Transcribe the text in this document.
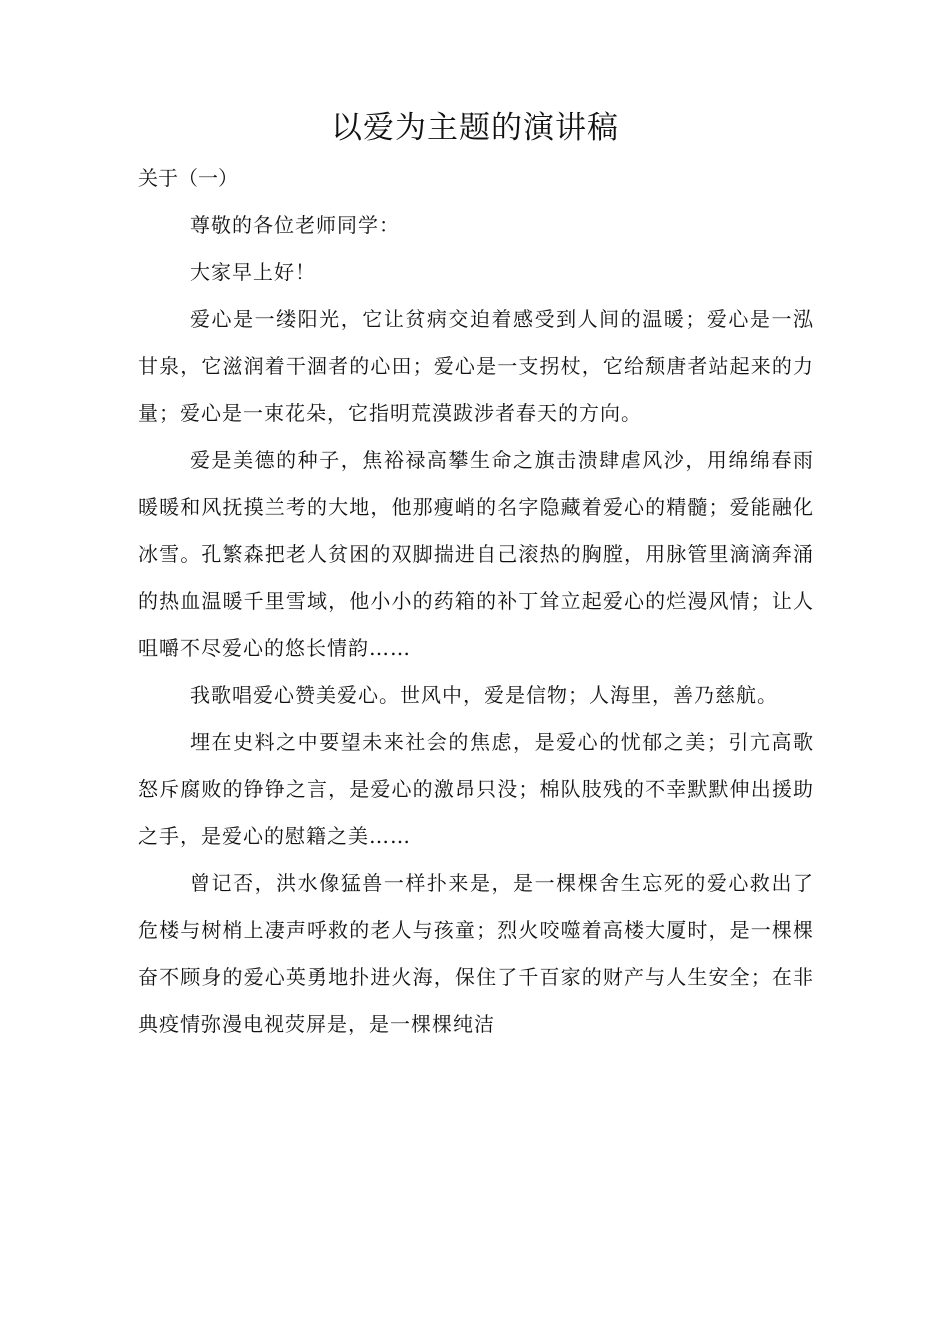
以爱为主题的演讲稿

关于（一）

尊敬的各位老师同学：

大家早上好！

爱心是一缕阳光，它让贫病交迫着感受到人间的温暖；爱心是一泓甘泉，它滋润着干涸者的心田；爱心是一支拐杖，它给颓唐者站起来的力量；爱心是一束花朵，它指明荒漠跋涉者春天的方向。

爱是美德的种子，焦裕禄高攀生命之旗击溃肆虐风沙，用绵绵春雨暖暖和风抚摸兰考的大地，他那瘦峭的名字隐藏着爱心的精髓；爱能融化冰雪。孔繁森把老人贫困的双脚揣进自己滚热的胸膛，用脉管里滴滴奔涌的热血温暖千里雪域，他小小的药箱的补丁耸立起爱心的烂漫风情；让人咀嚼不尽爱心的悠长情韵……

我歌唱爱心赞美爱心。世风中，爱是信物；人海里，善乃慈航。

埋在史料之中要望未来社会的焦虑，是爱心的忧郁之美；引亢高歌怒斥腐败的铮铮之言，是爱心的激昂只没；棉队肢残的不幸默默伸出援助之手，是爱心的慰籍之美……

曾记否，洪水像猛兽一样扑来是，是一棵棵舍生忘死的爱心救出了危楼与树梢上凄声呼救的老人与孩童；烈火咬噬着高楼大厦时，是一棵棵奋不顾身的爱心英勇地扑进火海，保住了千百家的财产与人生安全；在非典疫情弥漫电视荧屏是，是一棵棵纯洁
